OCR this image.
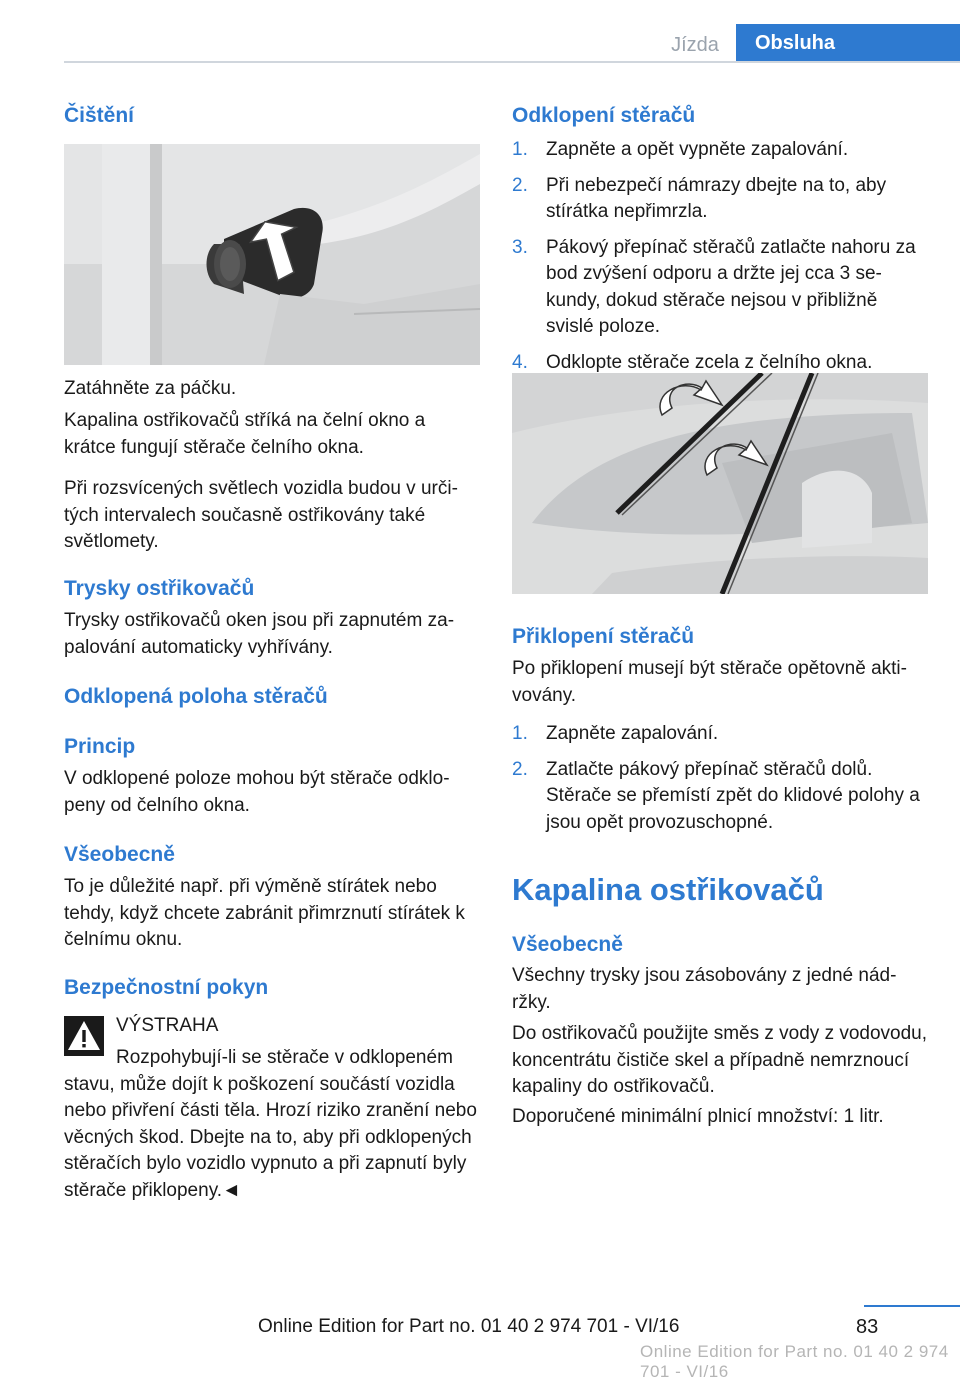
Jízda	Obsluha
Čištění

Zatáhněte za páčku.

Kapalina ostřikovačů stříká na čelní okno a krátce fungují stěrače čelního okna.

Při rozsvícených světlech vozidla budou v určitých intervalech současně ostřikovány také světlomety.

Trysky ostřikovačů

Trysky ostřikovačů oken jsou při zapnutém zapalování automaticky vyhřívány.

Odklopená poloha stěračů
Princip

V odklopené poloze mohou být stěrače odklopeny od čelního okna.

Všeobecně

To je důležité např. při výměně stírátek nebo tehdy, když chcete zabránit přimrznutí stírátek k čelnímu oknu.

Bezpečnostní pokyn

VÝSTRAHA

Rozpohybují-li se stěrače v odklopeném stavu, může dojít k poškození součástí vozidla nebo přivření části těla. Hrozí riziko zranění nebo věcných škod. Dbejte na to, aby při odklopených stěračích bylo vozidlo vypnuto a při zapnutí byly stěrače přiklopeny.◄

Odklopení stěračů
1. Zapněte a opět vypněte zapalování.
2. Při nebezpečí námrazy dbejte na to, aby stírátka nepřimrzla.
3. Pákový přepínač stěračů zatlačte nahoru za bod zvýšení odporu a držte jej cca 3 sekundy, dokud stěrače nejsou v přibližně svislé poloze.
4. Odklopte stěrače zcela z čelního okna.
Přiklopení stěračů

Po přiklopení musejí být stěrače opětovně aktivovány.

1. Zapněte zapalování.
2. Zatlačte pákový přepínač stěračů dolů. Stěrače se přemístí zpět do klidové polohy a jsou opět provozuschopné.
Kapalina ostřikovačů
Všeobecně

Všechny trysky jsou zásobovány z jedné nádržky.

Do ostřikovačů použijte směs z vody z vodovodu, koncentrátu čističe skel a případně nemrznoucí kapaliny do ostřikovačů.

Doporučené minimální plnicí množství: 1 litr.

83
Online Edition for Part no. 01 40 2 974 701 - VI/16
Online Edition for Part no. 01 40 2 974 701 - VI/16
